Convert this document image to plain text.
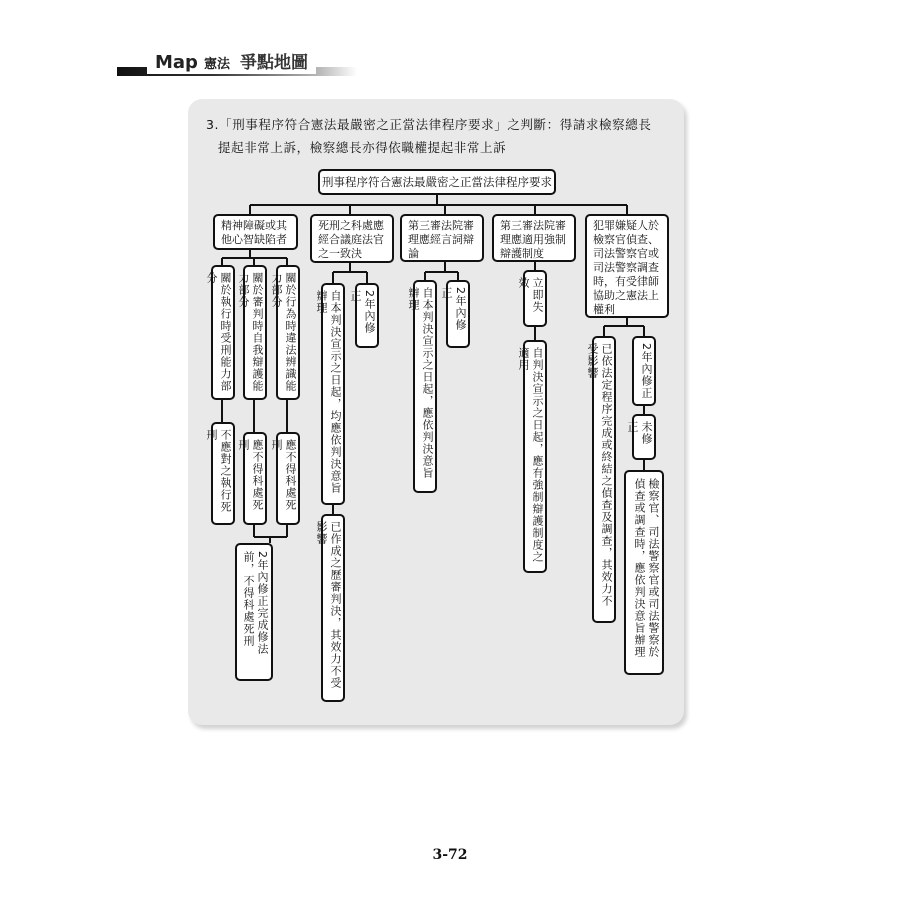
Map 憲法 爭點地圖
3.「刑事程序符合憲法最嚴密之正當法律程序要求」之判斷：得請求檢察總長
提起非常上訴，檢察總長亦得依職權提起非常上訴
刑事程序符合憲法最嚴密之正當法律程序要求
精神障礙或其他心智缺陷者
死刑之科處應經合議庭法官之一致決
第三審法院審理應經言詞辯論
第三審法院審理應適用強制辯護制度
犯罪嫌疑人於檢察官偵查、司法警察官或司法警察調查時，有受律師協助之憲法上權利
關於執行時受刑能力部分	關於審判時自我辯護能力部分	關於行為時違法辨識能力部分
不應對之執行死刑
應不得科處死刑	應不得科處死刑
2年內修正完成修法前，不得科處死刑
自本判決宣示之日起，均應依判決意旨辦理	2年內修正
已作成之歷審判決，其效力不受影響
自本判決宣示之日起，應依判決意旨辦理	2年內修正	立即失效
自判決宣示之日起，應有強制辯護制度之適用	已依法定程序完成或終結之偵查及調查，其效力不受影響	2年內修正
未修正
檢察官、司法警察官或司法警察於偵查或調查時，應依判決意旨辦理
3-72
